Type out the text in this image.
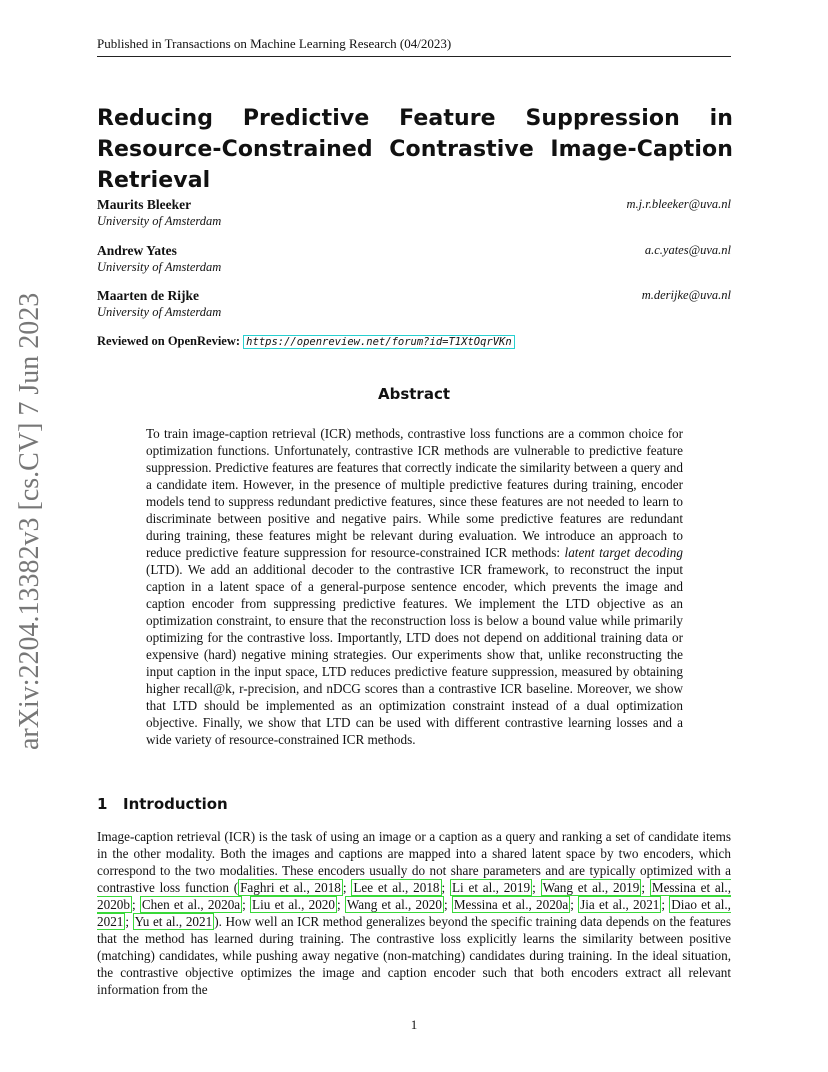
Published in Transactions on Machine Learning Research (04/2023)
Reducing Predictive Feature Suppression in Resource-Constrained Contrastive Image-Caption Retrieval
Maurits Bleeker
University of Amsterdam
m.j.r.bleeker@uva.nl
Andrew Yates
University of Amsterdam
a.c.yates@uva.nl
Maarten de Rijke
University of Amsterdam
m.derijke@uva.nl
Reviewed on OpenReview: https://openreview.net/forum?id=T1XtOqrVKn
Abstract
To train image-caption retrieval (ICR) methods, contrastive loss functions are a common choice for optimization functions. Unfortunately, contrastive ICR methods are vulnerable to predictive feature suppression. Predictive features are features that correctly indicate the similarity between a query and a candidate item. However, in the presence of multiple predictive features during training, encoder models tend to suppress redundant predictive features, since these features are not needed to learn to discriminate between positive and negative pairs. While some predictive features are redundant during training, these features might be relevant during evaluation. We introduce an approach to reduce predictive feature suppression for resource-constrained ICR methods: latent target decoding (LTD). We add an additional decoder to the contrastive ICR framework, to reconstruct the input caption in a latent space of a general-purpose sentence encoder, which prevents the image and caption encoder from suppressing predictive features. We implement the LTD objective as an optimization constraint, to ensure that the reconstruction loss is below a bound value while primarily optimizing for the contrastive loss. Importantly, LTD does not depend on additional training data or expensive (hard) negative mining strategies. Our experiments show that, unlike reconstructing the input caption in the input space, LTD reduces predictive feature suppression, measured by obtaining higher recall@k, r-precision, and nDCG scores than a contrastive ICR baseline. Moreover, we show that LTD should be implemented as an optimization constraint instead of a dual optimization objective. Finally, we show that LTD can be used with different contrastive learning losses and a wide variety of resource-constrained ICR methods.
1 Introduction
Image-caption retrieval (ICR) is the task of using an image or a caption as a query and ranking a set of candidate items in the other modality. Both the images and captions are mapped into a shared latent space by two encoders, which correspond to the two modalities. These encoders usually do not share parameters and are typically optimized with a contrastive loss function ( Faghri et al., 2018 ; Lee et al., 2018 ; Li et al., 2019 ; Wang et al., 2019 ; Messina et al., 2020b ; Chen et al., 2020a ; Liu et al., 2020 ; Wang et al., 2020 ; Messina et al., 2020a ; Jia et al., 2021 ; Diao et al., 2021 ; Yu et al., 2021 ). How well an ICR method generalizes beyond the specific training data depends on the features that the method has learned during training. The contrastive loss explicitly learns the similarity between positive (matching) candidates, while pushing away negative (non-matching) candidates during training. In the ideal situation, the contrastive objective optimizes the image and caption encoder such that both encoders extract all relevant information from the
1
arXiv:2204.13382v3 [cs.CV] 7 Jun 2023
